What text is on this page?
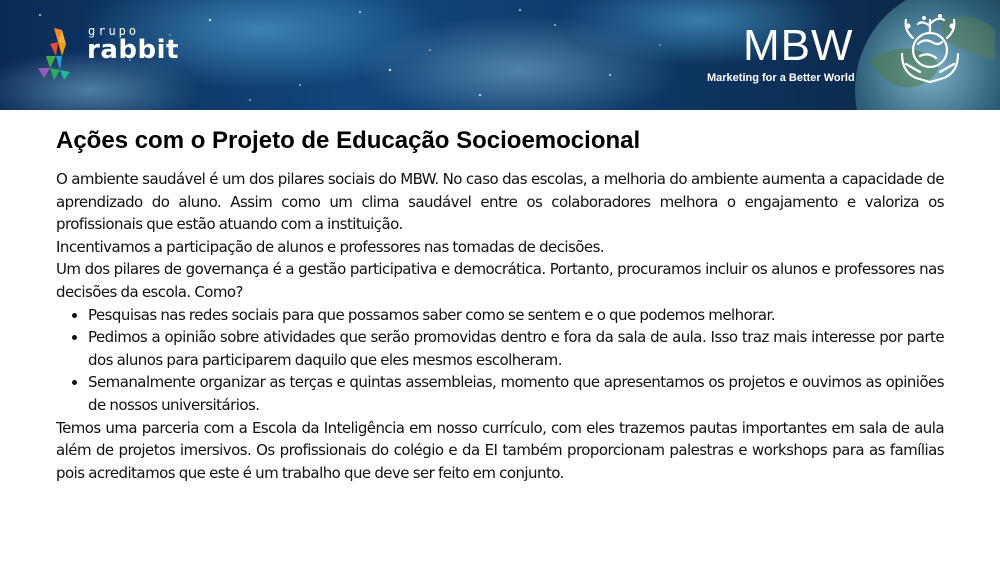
grupo
rabbit	MBW
Marketing for a Better World
Ações com o Projeto de Educação Socioemocional

O ambiente saudável é um dos pilares sociais do MBW. No caso das escolas, a melhoria do ambiente aumenta a capacidade de aprendizado do aluno. Assim como um clima saudável entre os colaboradores melhora o engajamento e valoriza os profissionais que estão atuando com a instituição.

Incentivamos a participação de alunos e professores nas tomadas de decisões.

Um dos pilares de governança é a gestão participativa e democrática. Portanto, procuramos incluir os alunos e professores nas decisões da escola. Como?

• Pesquisas nas redes sociais para que possamos saber como se sentem e o que podemos melhorar.
• Pedimos a opinião sobre atividades que serão promovidas dentro e fora da sala de aula. Isso traz mais interesse por parte dos alunos para participarem daquilo que eles mesmos escolheram.
• Semanalmente organizar as terças e quintas assembleias, momento que apresentamos os projetos e ouvimos as opiniões de nossos universitários.

Temos uma parceria com a Escola da Inteligência em nosso currículo, com eles trazemos pautas importantes em sala de aula além de projetos imersivos. Os profissionais do colégio e da EI também proporcionam palestras e workshops para as famílias pois acreditamos que este é um trabalho que deve ser feito em conjunto.
